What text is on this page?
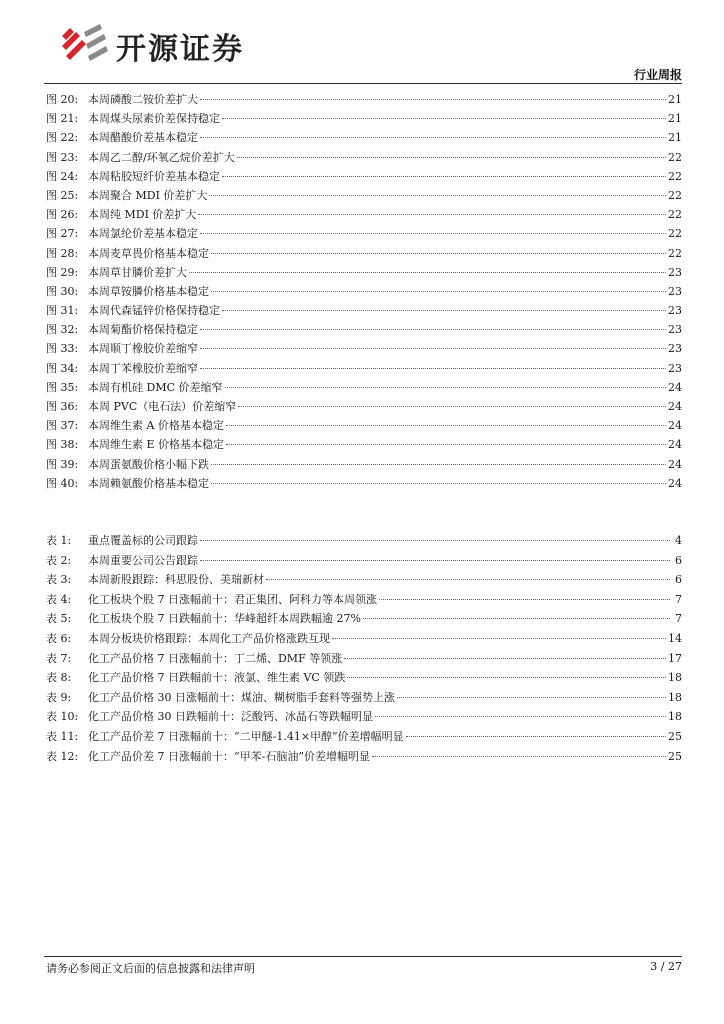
开源证券
行业周报
图 20: 本周磷酸二铵价差扩大	21
图 21: 本周煤头尿素价差保持稳定	21
图 22: 本周醋酸价差基本稳定	21
图 23: 本周乙二醇/环氧乙烷价差扩大	22
图 24: 本周粘胶短纤价差基本稳定	22
图 25: 本周聚合 MDI 价差扩大	22
图 26: 本周纯 MDI 价差扩大	22
图 27: 本周氯纶价差基本稳定	22
图 28: 本周麦草畏价格基本稳定	22
图 29: 本周草甘膦价差扩大	23
图 30: 本周草铵膦价格基本稳定	23
图 31: 本周代森锰锌价格保持稳定	23
图 32: 本周菊酯价格保持稳定	23
图 33: 本周顺丁橡胶价差缩窄	23
图 34: 本周丁苯橡胶价差缩窄	23
图 35: 本周有机硅 DMC 价差缩窄	24
图 36: 本周 PVC（电石法）价差缩窄	24
图 37: 本周维生素 A 价格基本稳定	24
图 38: 本周维生素 E 价格基本稳定	24
图 39: 本周蛋氨酸价格小幅下跌	24
图 40: 本周赖氨酸价格基本稳定	24
表 1:	重点覆盖标的公司跟踪	4
表 2:	本周重要公司公告跟踪	6
表 3:	本周新股跟踪：科思股份、美瑞新材	6
表 4:	化工板块个股 7 日涨幅前十：君正集团、阿科力等本周领涨	7
表 5:	化工板块个股 7 日跌幅前十：华峰超纤本周跌幅逾 27%	7
表 6:	本周分板块价格跟踪：本周化工产品价格涨跌互现	14
表 7:	化工产品价格 7 日涨幅前十：丁二烯、DMF 等领涨	17
表 8:	化工产品价格 7 日跌幅前十：液氯、维生素 VC 领跌	18
表 9:	化工产品价格 30 日涨幅前十：煤油、糊树脂手套料等强势上涨	18
表 10: 化工产品价格 30 日跌幅前十：泛酸钙、冰晶石等跌幅明显	18
表 11: 化工产品价差 7 日涨幅前十：“二甲醚-1.41×甲醇”价差增幅明显	25
表 12: 化工产品价差 7 日涨幅前十：“甲苯-石脑油”价差增幅明显	25
请务必参阅正文后面的信息披露和法律声明	3 / 27
